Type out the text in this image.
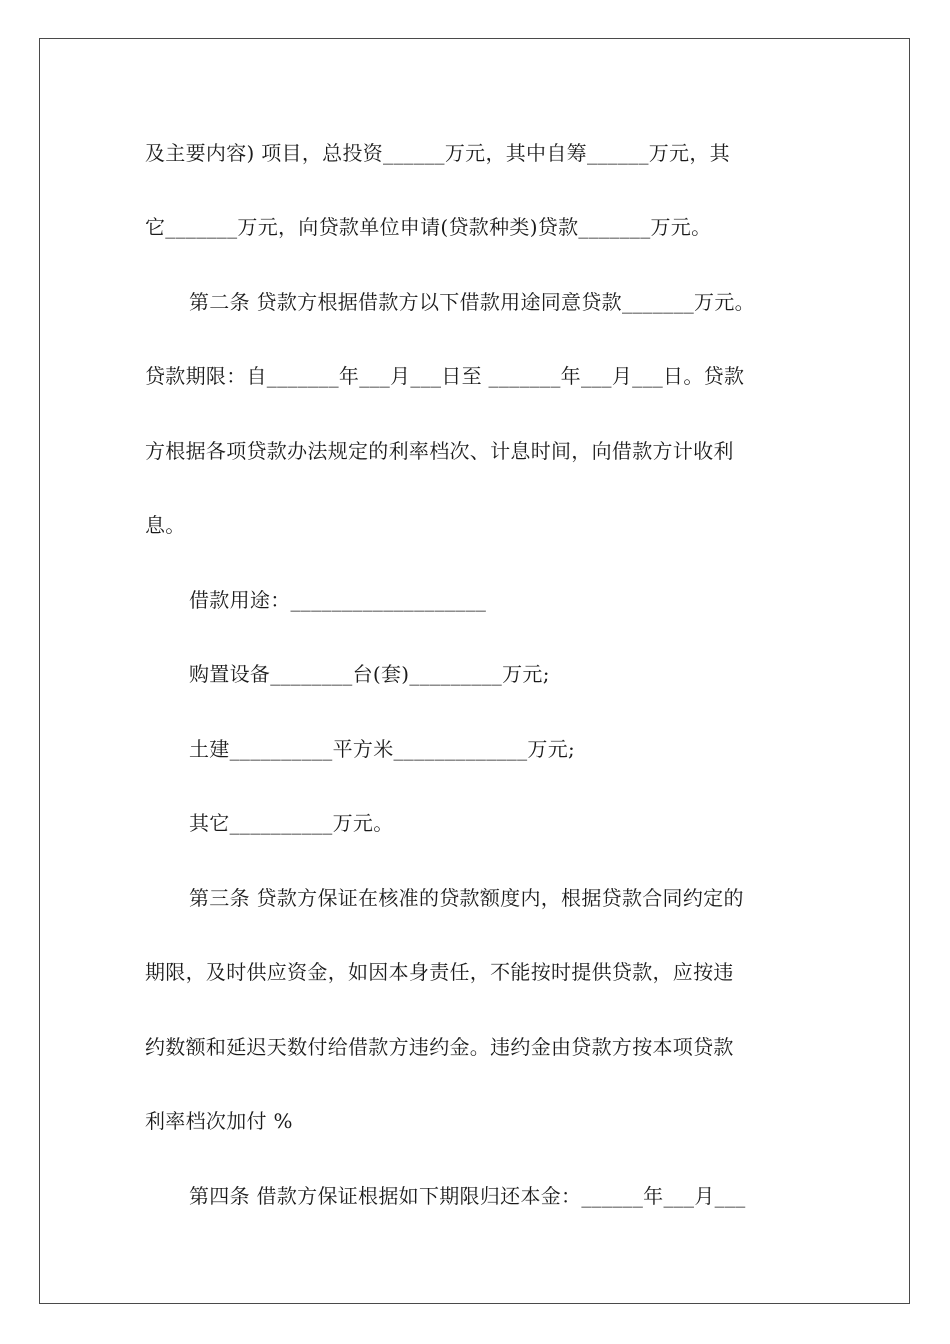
及主要内容) 项目，总投资______万元，其中自筹______万元，其
它_______万元，向贷款单位申请(贷款种类)贷款_______万元。
第二条 贷款方根据借款方以下借款用途同意贷款_______万元。
贷款期限：自_______年___月___日至 _______年___月___日。贷款
方根据各项贷款办法规定的利率档次、计息时间，向借款方计收利
息。
借款用途：___________________
购置设备________台(套)_________万元;
土建__________平方米_____________万元;
其它__________万元。
第三条 贷款方保证在核准的贷款额度内，根据贷款合同约定的
期限，及时供应资金，如因本身责任，不能按时提供贷款，应按违
约数额和延迟天数付给借款方违约金。违约金由贷款方按本项贷款
利率档次加付 %
第四条 借款方保证根据如下期限归还本金：______年___月___
